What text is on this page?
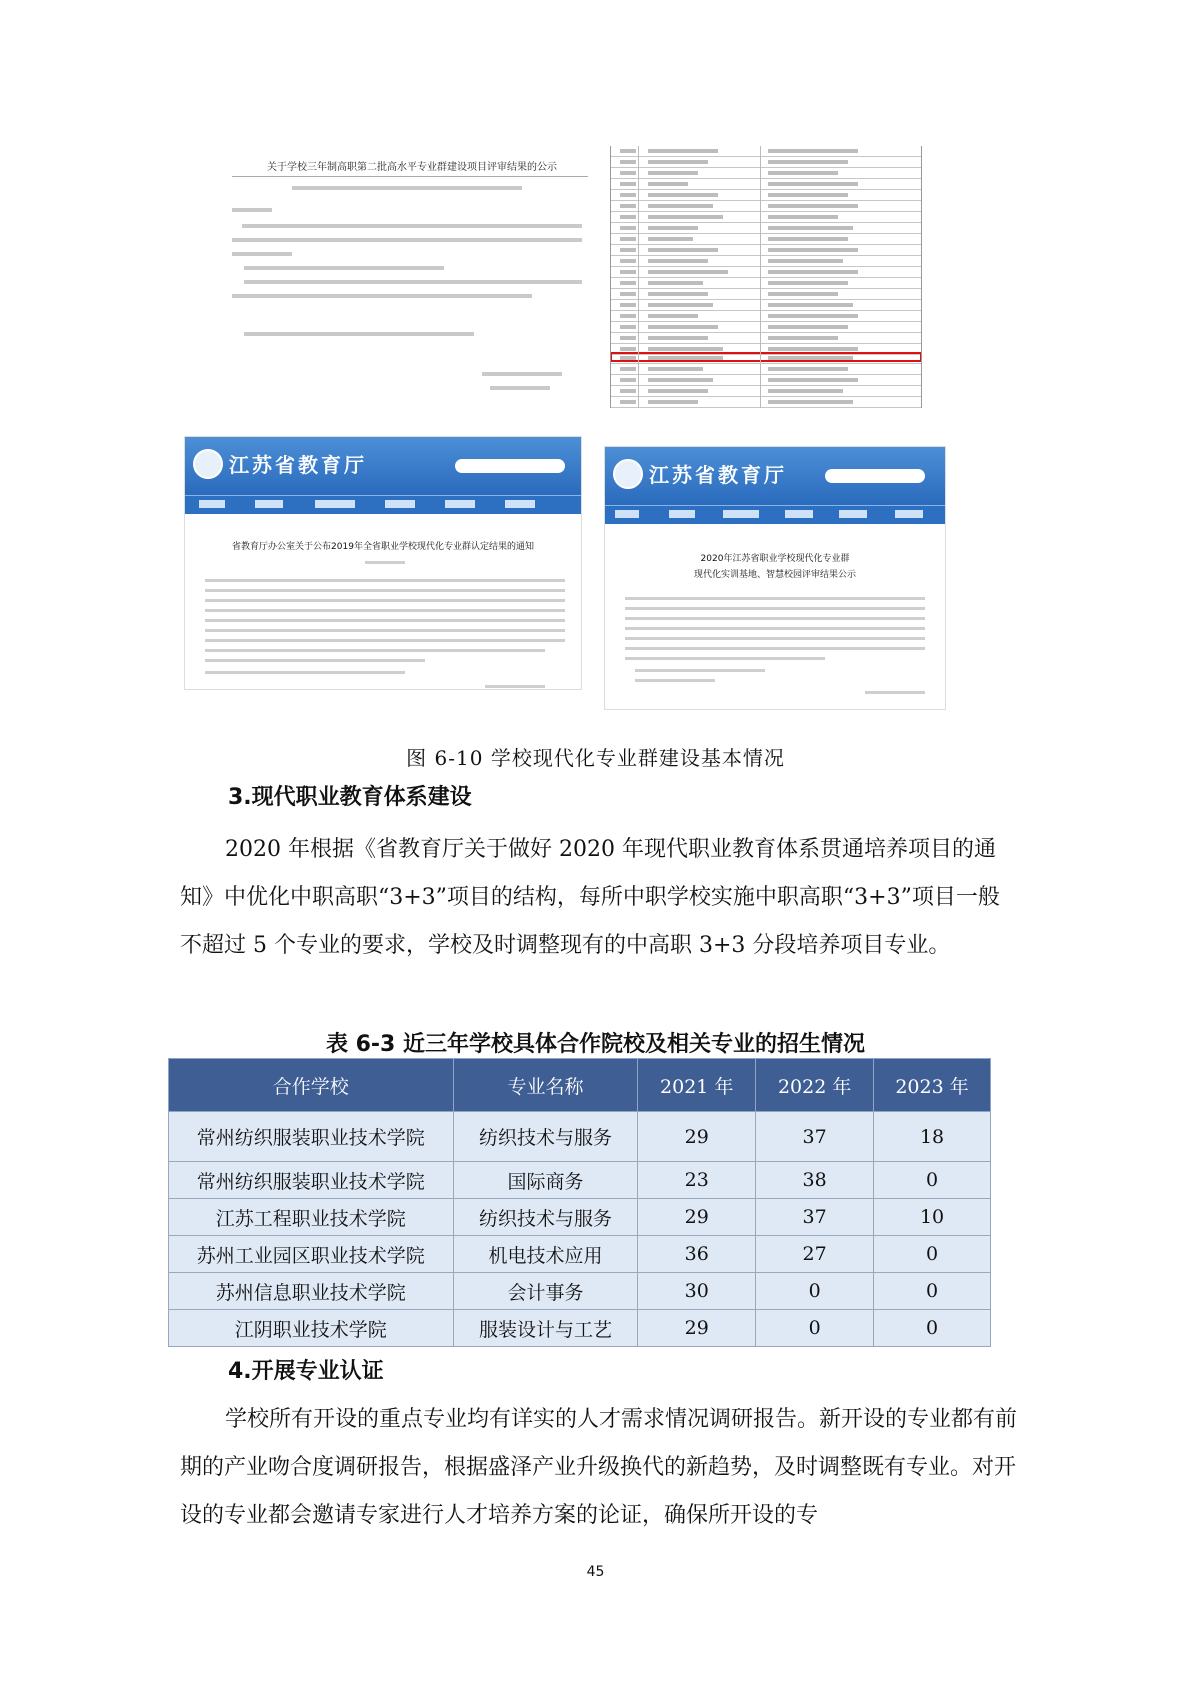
关于学校三年制高职第二批高水平专业群建设项目评审结果的公示
江苏省教育厅
省教育厅办公室关于公布2019年全省职业学校现代化专业群认定结果的通知
江苏省教育厅
2020年江苏省职业学校现代化专业群
现代化实训基地、智慧校园评审结果公示
图 6-10 学校现代化专业群建设基本情况
3.现代职业教育体系建设

2020 年根据《省教育厅关于做好 2020 年现代职业教育体系贯通培养项目的通知》中优化中职高职“3+3”项目的结构，每所中职学校实施中职高职“3+3”项目一般不超过 5 个专业的要求，学校及时调整现有的中高职 3+3 分段培养项目专业。

表 6-3 近三年学校具体合作院校及相关专业的招生情况
合作学校	专业名称	2021 年	2022 年	2023 年
常州纺织服装职业技术学院	纺织技术与服务	29	37	18
常州纺织服装职业技术学院	国际商务	23	38	0
江苏工程职业技术学院	纺织技术与服务	29	37	10
苏州工业园区职业技术学院	机电技术应用	36	27	0
苏州信息职业技术学院	会计事务	30	0	0
江阴职业技术学院	服装设计与工艺	29	0	0
4.开展专业认证

学校所有开设的重点专业均有详实的人才需求情况调研报告。新开设的专业都有前期的产业吻合度调研报告，根据盛泽产业升级换代的新趋势，及时调整既有专业。对开设的专业都会邀请专家进行人才培养方案的论证，确保所开设的专

45
